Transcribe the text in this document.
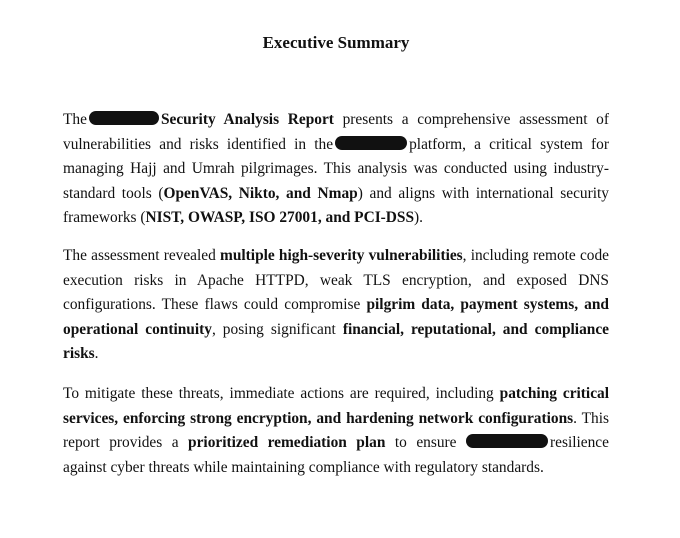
Executive Summary

The	Security Analysis Report presents a comprehensive assessment of vulnerabilities and risks identified in the	platform, a critical system for managing Hajj and Umrah pilgrimages. This analysis was conducted using industry-standard tools (OpenVAS, Nikto, and Nmap) and aligns with international security frameworks (NIST, OWASP, ISO 27001, and PCI-DSS).

The assessment revealed multiple high-severity vulnerabilities, including remote code execution risks in Apache HTTPD, weak TLS encryption, and exposed DNS configurations. These flaws could compromise pilgrim data, payment systems, and operational continuity, posing significant financial, reputational, and compliance risks.

To mitigate these threats, immediate actions are required, including patching critical services, enforcing strong encryption, and hardening network configurations. This report provides a prioritized remediation plan to ensure	resilience against cyber threats while maintaining compliance with regulatory standards.
